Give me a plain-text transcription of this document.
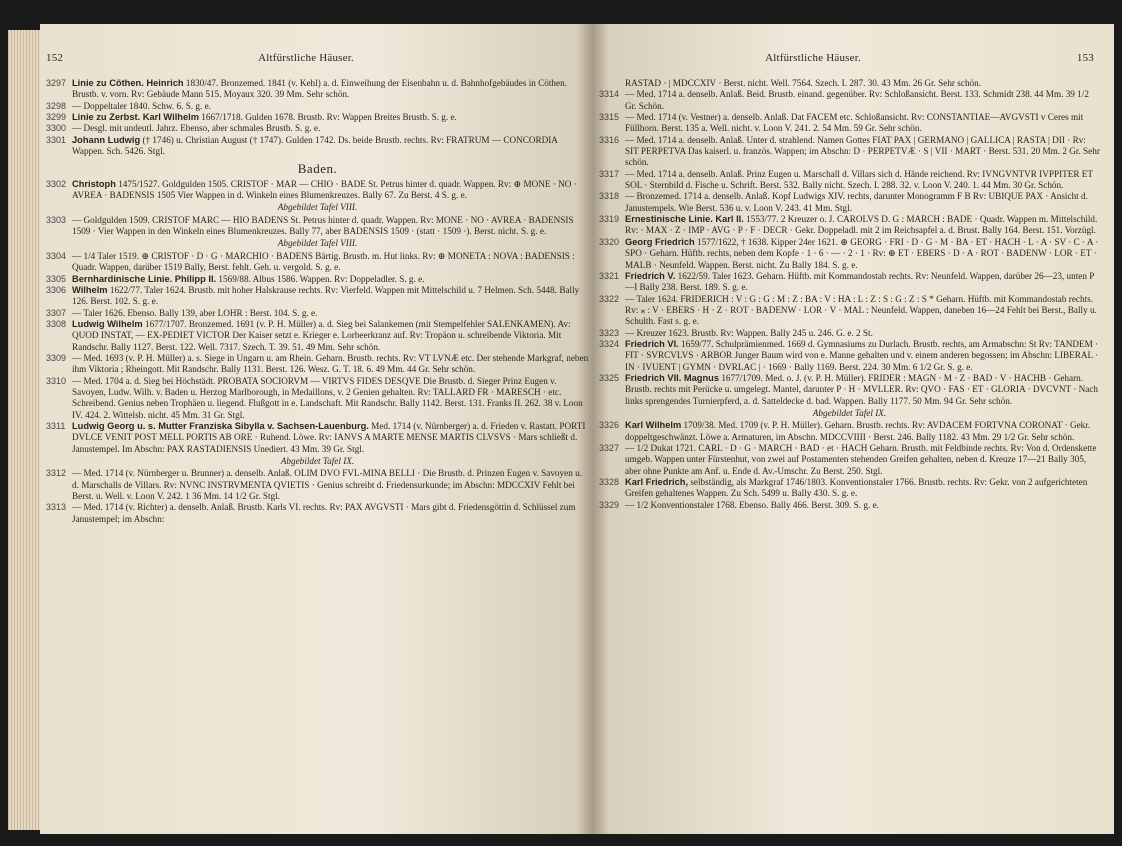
152	Altfürstliche Häuser.

3297 Linie zu Cöthen. Heinrich 1830/47. Bronzemed. 1841 (v. Kehl) a. d. Einweihung der Eisenbahn u. d. Bahnhofgebäudes in Cöthen. Brustb. v. vorn. Rv: Gebäude Mann 515. Moyaux 320. 39 Mm. Sehr schön.

3298 — Doppeltaler 1840. Schw. 6. S. g. e.

3299 Linie zu Zerbst. Karl Wilhelm 1667/1718. Gulden 1678. Brustb. Rv: Wappen Breites Brustb. S. g. e.

3300 — Desgl. mit undeutl. Jahrz. Ebenso, aber schmales Brustb. S. g. e.

3301 Johann Ludwig († 1746) u. Christian August († 1747). Gulden 1742. Ds. beide Brustb. rechts. Rv: FRATRUM — CONCORDIA Wappen. Sch. 5426. Stgl.

Baden.

3302 Christoph 1475/1527. Goldgulden 1505. CRISTOF · MAR — CHIO · BADE St. Petrus hinter d. quadr. Wappen. Rv: ⊕ MONE · NO · AVREA · BADENSIS 1505 Vier Wappen in d. Winkeln eines Blumenkreuzes. Bally 67. Zu Berst. 4 S. g. e.

Abgebildet Tafel VIII.

3303 — Goldgulden 1509. CRISTOF MARC — HIO BADENS St. Petrus hinter d. quadr. Wappen. Rv: MONE · NO · AVREA · BADENSIS 1509 · Vier Wappen in den Winkeln eines Blumenkreuzes. Bally 77, aber BADENSIS 1509 · (statt · 1509 ·). Berst. nicht. S. g. e.

Abgebildet Tafel VIII.

3304 — 1/4 Taler 1519. ⊕ CRISTOF · D · G · MARCHIO · BADENS Bärtig. Brustb. m. Hut links. Rv: ⊕ MONETA : NOVA : BADENSIS : Quadr. Wappen, darüber 1519 Bally, Berst. fehlt. Geh. u. vergold. S. g. e.

3305 Bernhardinische Linie. Philipp II. 1569/88. Albus 1586. Wappen. Rv: Doppeladler. S. g. e.

3306 Wilhelm 1622/77. Taler 1624. Brustb. mit hoher Halskrause rechts. Rv: Vierfeld. Wappen mit Mittelschild u. 7 Helmen. Sch. 5448. Bally 126. Berst. 102. S. g. e.

3307 — Taler 1626. Ebenso. Bally 139, aber LOHR : Berst. 104. S. g. e.

3308 Ludwig Wilhelm 1677/1707. Bronzemed. 1691 (v. P. H. Müller) a. d. Sieg bei Salankemen (mit Stempelfehler SALENKAMEN). Av: QUOD INSTAT, — EX-PEDIET VICTOR Der Kaiser setzt e. Krieger e. Lorbeerkranz auf. Rv: Tropäon u. schreibende Viktoria. Mit Randschr. Bally 1127. Berst. 122. Well. 7317. Szech. T. 39. 51. 49 Mm. Sehr schön.

3309 — Med. 1693 (v. P. H. Müller) a. s. Siege in Ungarn u. am Rhein. Geharn. Brustb. rechts. Rv: VT LVNÆ etc. Der stehende Markgraf, neben ihm Viktoria ; Rheingott. Mit Randschr. Bally 1131. Berst. 126. Wesz. G. T. 18. 6. 49 Mm. 44 Gr. Sehr schön.

3310 — Med. 1704 a. d. Sieg bei Höchstädt. PROBATA SOCIORVM — VIRTVS FIDES DESQVE Die Brustb. d. Sieger Prinz Eugen v. Savoyen, Ludw. Wilh. v. Baden u. Herzog Marlborough, in Medaillons, v. 2 Genien gehalten. Rv: TALLARD FR · MARESCH · etc. Schreibend. Genius neben Trophäen u. liegend. Flußgott in e. Landschaft. Mit Randschr. Bally 1142. Berst. 131. Franks II. 262. 38 v. Loon IV. 424. 2. Wittelsb. nicht. 45 Mm. 31 Gr. Stgl.

3311 Ludwig Georg u. s. Mutter Franziska Sibylla v. Sachsen-Lauenburg. Med. 1714 (v. Nürnberger) a. d. Frieden v. Rastatt. PORTI DVLCE VENIT POST MELL PORTIS AB ORE · Ruhend. Löwe. Rv: IANVS A MARTE MENSE MARTIS CLVSVS · Mars schließt d. Janustempel. Im Abschn: PAX RASTADIENSIS Unediert. 43 Mm. 39 Gr. Stgl.

Abgebildet Tafel IX.

3312 — Med. 1714 (v. Nürnberger u. Brunner) a. denselb. Anlaß. OLIM DVO FVL-MINA BELLI · Die Brustb. d. Prinzen Eugen v. Savoyen u. d. Marschalls de Villars. Rv: NVNC INSTRVMENTA QVIETIS · Genius schreibt d. Friedensurkunde; im Abschn: MDCCXIV Fehlt bei Berst. u. Well. v. Loon V. 242. 1 36 Mm. 14 1/2 Gr. Stgl.

3313 — Med. 1714 (v. Richter) a. denselb. Anlaß. Brustb. Karls VI. rechts. Rv: PAX AVGVSTI · Mars gibt d. Friedensgöttin d. Schlüssel zum Janustempel; im Abschn:

Altfürstliche Häuser.	153
RASTAD · | MDCCXIV · Berst. nicht. Well. 7564. Szech. I. 287. 30. 43 Mm. 26 Gr. Sehr schön.

3314 — Med. 1714 a. denselb. Anlaß. Beid. Brustb. einand. gegenüber. Rv: Schloßansicht. Berst. 133. Schmidt 238. 44 Mm. 39 1/2 Gr. Schön.

3315 — Med. 1714 (v. Vestner) a. denselb. Anlaß. Dat FACEM etc. Schloßansicht. Rv: CONSTANTIAE—AVGVSTI v Ceres mit Füllhorn. Berst. 135 a. Well. nicht. v. Loon V. 241. 2. 54 Mm. 59 Gr. Sehr schön.

3316 — Med. 1714 a. denselb. Anlaß. Unter d. strahlend. Namen Gottes FIAT PAX | GERMANO | GALLICA | RASTA | DII · Rv: SIT PERPETVA Das kaiserl. u. französ. Wappen; im Abschn: D · PERPETVÆ · S | VII · MART · Berst. 531. 20 Mm. 2 Gr. Sehr schön.

3317 — Med. 1714 a. denselb. Anlaß. Prinz Eugen u. Marschall d. Villars sich d. Hände reichend. Rv: IVNGVNTVR IVPPITER ET SOL · Sternbild d. Fische u. Schrift. Berst. 532. Bally nicht. Szech. I. 288. 32. v. Loon V. 240. 1. 44 Mm. 30 Gr. Schön.

3318 — Bronzemed. 1714 a. denselb. Anlaß. Kopf Ludwigs XIV. rechts, darunter Monogramm F B Rv: UBIQUE PAX · Ansicht d. Janustempels. Wie Berst. 536 u. v. Loon V. 243. 41 Mm. Stgl.

3319 Ernestinische Linie. Karl II. 1553/77. 2 Kreuzer o. J. CAROLVS D. G : MARCH : BADE · Quadr. Wappen m. Mittelschild. Rv: · MAX · Z · IMP · AVG · P · F · DECR · Gekr. Doppeladl. mit 2 im Reichsapfel a. d. Brust. Bally 164. Berst. 151. Vorzügl.

3320 Georg Friedrich 1577/1622, † 1638. Kipper 24er 1621. ⊕ GEORG · FRI · D · G · M · BA · ET · HACH · L · A · SV · C · A · SPO · Geharn. Hüftb. rechts, neben dem Kopfe · 1 · 6 · — · 2 · 1 · Rv: ⊕ ET · EBERS · D · A · ROT · BADENW · LOR · ET · MALB · Neunfeld. Wappen. Berst. nicht. Zu Bally 184. S. g. e.

3321 Friedrich V. 1622/59. Taler 1623. Geharn. Hüftb. mit Kommandostab rechts. Rv: Neunfeld. Wappen, darüber 26—23, unten P—I Bally 238. Berst. 189. S. g. e.

3322 — Taler 1624. FRIDERICH : V : G : G : M : Z : BA : V : HA : L : Z : S : G : Z : S * Geharn. Hüftb. mit Kommandostab rechts. Rv: ⁎ : V · EBERS · H · Z · ROT · BADENW · LOR · V · MAL : Neunfeld. Wappen, daneben 16—24 Fehlt bei Berst., Bally u. Schulth. Fast s. g. e.

3323 — Kreuzer 1623. Brustb. Rv: Wappen. Bally 245 u. 246. G. e. 2 St.

3324 Friedrich VI. 1659/77. Schulprämienmed. 1669 d. Gymnasiums zu Durlach. Brustb. rechts, am Armabschn: St Rv: TANDEM · FIT · SVRCVLVS · ARBOR Junger Baum wird von e. Manne gehalten und v. einem anderen begossen; im Abschn: LIBERAL · IN · IVUENT | GYMN · DVRLAC | · 1669 · Bally 1169. Berst. 224. 30 Mm. 6 1/2 Gr. S. g. e.

3325 Friedrich VII. Magnus 1677/1709. Med. o. J. (v. P. H. Müller). FRIDER : MAGN · M · Z · BAD · V · HACHB · Geharn. Brustb. rechts mit Perücke u. umgelegt. Mantel, darunter P · H · MVLLER. Rv: QVO · FAS · ET · GLORIA · DVCVNT · Nach links sprengendes Turnierpferd, a. d. Satteldecke d. bad. Wappen. Bally 1177. 50 Mm. 94 Gr. Sehr schön.

Abgebildet Tafel IX.

3326 Karl Wilhelm 1709/38. Med. 1709 (v. P. H. Müller). Geharn. Brustb. rechts. Rv: AVDACEM FORTVNA CORONAT · Gekr. doppeltgeschwänzt. Löwe a. Armaturen, im Abschn. MDCCVIIII · Berst. 246. Bally 1182. 43 Mm. 29 1/2 Gr. Sehr schön.

3327 — 1/2 Dukat 1721. CARL · D · G · MARCH · BAD · et · HACH Geharn. Brustb. mit Feldbinde rechts. Rv: Von d. Ordenskette umgeb. Wappen unter Fürstenhut, von zwei auf Postamenten stehenden Greifen gehalten, neben d. Kreuze 17—21 Bally 305, aber ohne Punkte am Anf. u. Ende d. Av.-Umschr. Zu Berst. 250. Stgl.

3328 Karl Friedrich, selbständig, als Markgraf 1746/1803. Konventionstaler 1766. Brustb. rechts. Rv: Gekr. von 2 aufgerichteten Greifen gehaltenes Wappen. Zu Sch. 5499 u. Bally 430. S. g. e.

3329 — 1/2 Konventionstaler 1768. Ebenso. Bally 466. Berst. 309. S. g. e.
